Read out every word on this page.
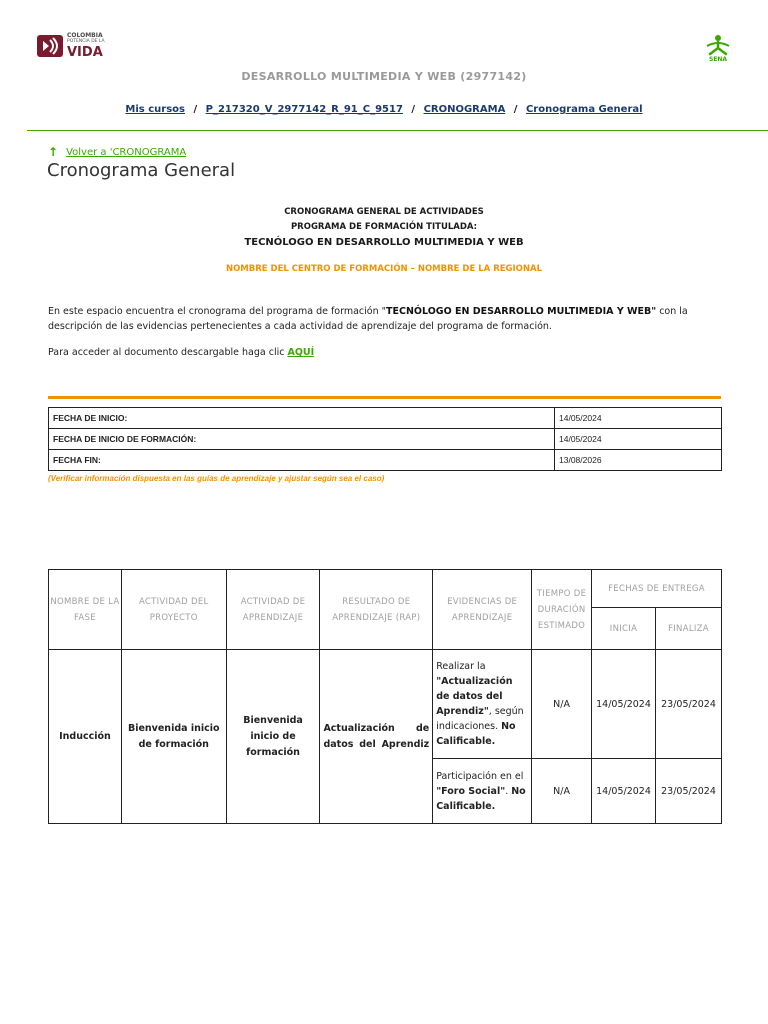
COLOMBIA
POTENCIA DE LA
VIDA	SENA
DESARROLLO MULTIMEDIA Y WEB (2977142)
Mis cursos / P_217320_V_2977142_R_91_C_9517 / CRONOGRAMA / Cronograma General
↑ Volver a 'CRONOGRAMA
Cronograma General
CRONOGRAMA GENERAL DE ACTIVIDADES
PROGRAMA DE FORMACIÓN TITULADA:
TECNÓLOGO EN DESARROLLO MULTIMEDIA Y WEB
NOMBRE DEL CENTRO DE FORMACIÓN – NOMBRE DE LA REGIONAL
En este espacio encuentra el cronograma del programa de formación "TECNÓLOGO EN DESARROLLO MULTIMEDIA Y WEB" con la descripción de las evidencias pertenecientes a cada actividad de aprendizaje del programa de formación.
Para acceder al documento descargable haga clic AQUÍ
FECHA DE INICIO:	14/05/2024
FECHA DE INICIO DE FORMACIÓN:	14/05/2024
FECHA FIN:	13/08/2026
(Verificar información dispuesta en las guías de aprendizaje y ajustar según sea el caso)
NOMBRE DE LA FASE	ACTIVIDAD DEL PROYECTO	ACTIVIDAD DE APRENDIZAJE	RESULTADO DE APRENDIZAJE (RAP)	EVIDENCIAS DE APRENDIZAJE	TIEMPO DE DURACIÓN ESTIMADO	FECHAS DE ENTREGA	
						INICIA	FINALIZA
Inducción	Bienvenida inicio de formación	Bienvenida inicio de formación	Actualización de datos del Aprendiz	Realizar la "Actualización de datos del Aprendiz", según indicaciones. No Calificable.	N/A	14/05/2024	23/05/2024
				Participación en el "Foro Social". No Calificable.	N/A	14/05/2024	23/05/2024
